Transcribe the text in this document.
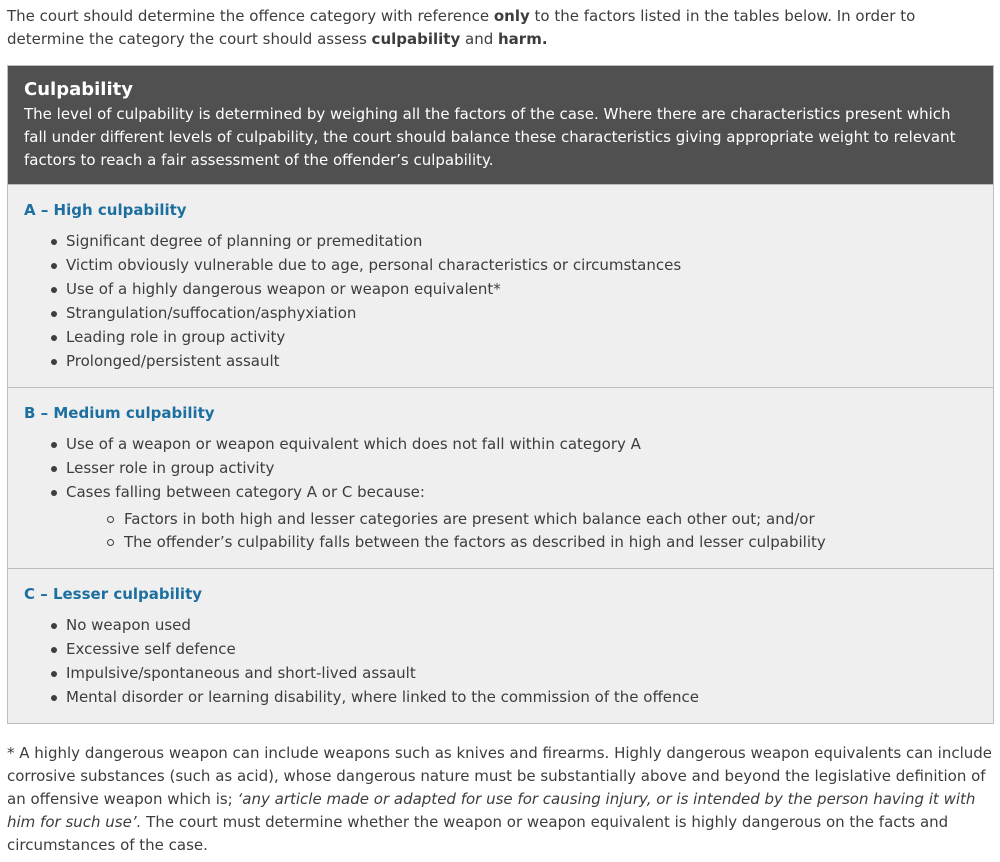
The court should determine the offence category with reference only to the factors listed in the tables below. In order to determine the category the court should assess culpability and harm.

Culpability

The level of culpability is determined by weighing all the factors of the case. Where there are characteristics present which fall under different levels of culpability, the court should balance these characteristics giving appropriate weight to relevant factors to reach a fair assessment of the offender’s culpability.

A – High culpability
Significant degree of planning or premeditation
Victim obviously vulnerable due to age, personal characteristics or circumstances
Use of a highly dangerous weapon or weapon equivalent*
Strangulation/suffocation/asphyxiation
Leading role in group activity
Prolonged/persistent assault
B – Medium culpability
Use of a weapon or weapon equivalent which does not fall within category A
Lesser role in group activity
Cases falling between category A or C because:
Factors in both high and lesser categories are present which balance each other out; and/or
The offender’s culpability falls between the factors as described in high and lesser culpability
C – Lesser culpability
No weapon used
Excessive self defence
Impulsive/spontaneous and short-lived assault
Mental disorder or learning disability, where linked to the commission of the offence

* A highly dangerous weapon can include weapons such as knives and firearms. Highly dangerous weapon equivalents can include corrosive substances (such as acid), whose dangerous nature must be substantially above and beyond the legislative definition of an offensive weapon which is; ‘any article made or adapted for use for causing injury, or is intended by the person having it with him for such use’. The court must determine whether the weapon or weapon equivalent is highly dangerous on the facts and circumstances of the case.
